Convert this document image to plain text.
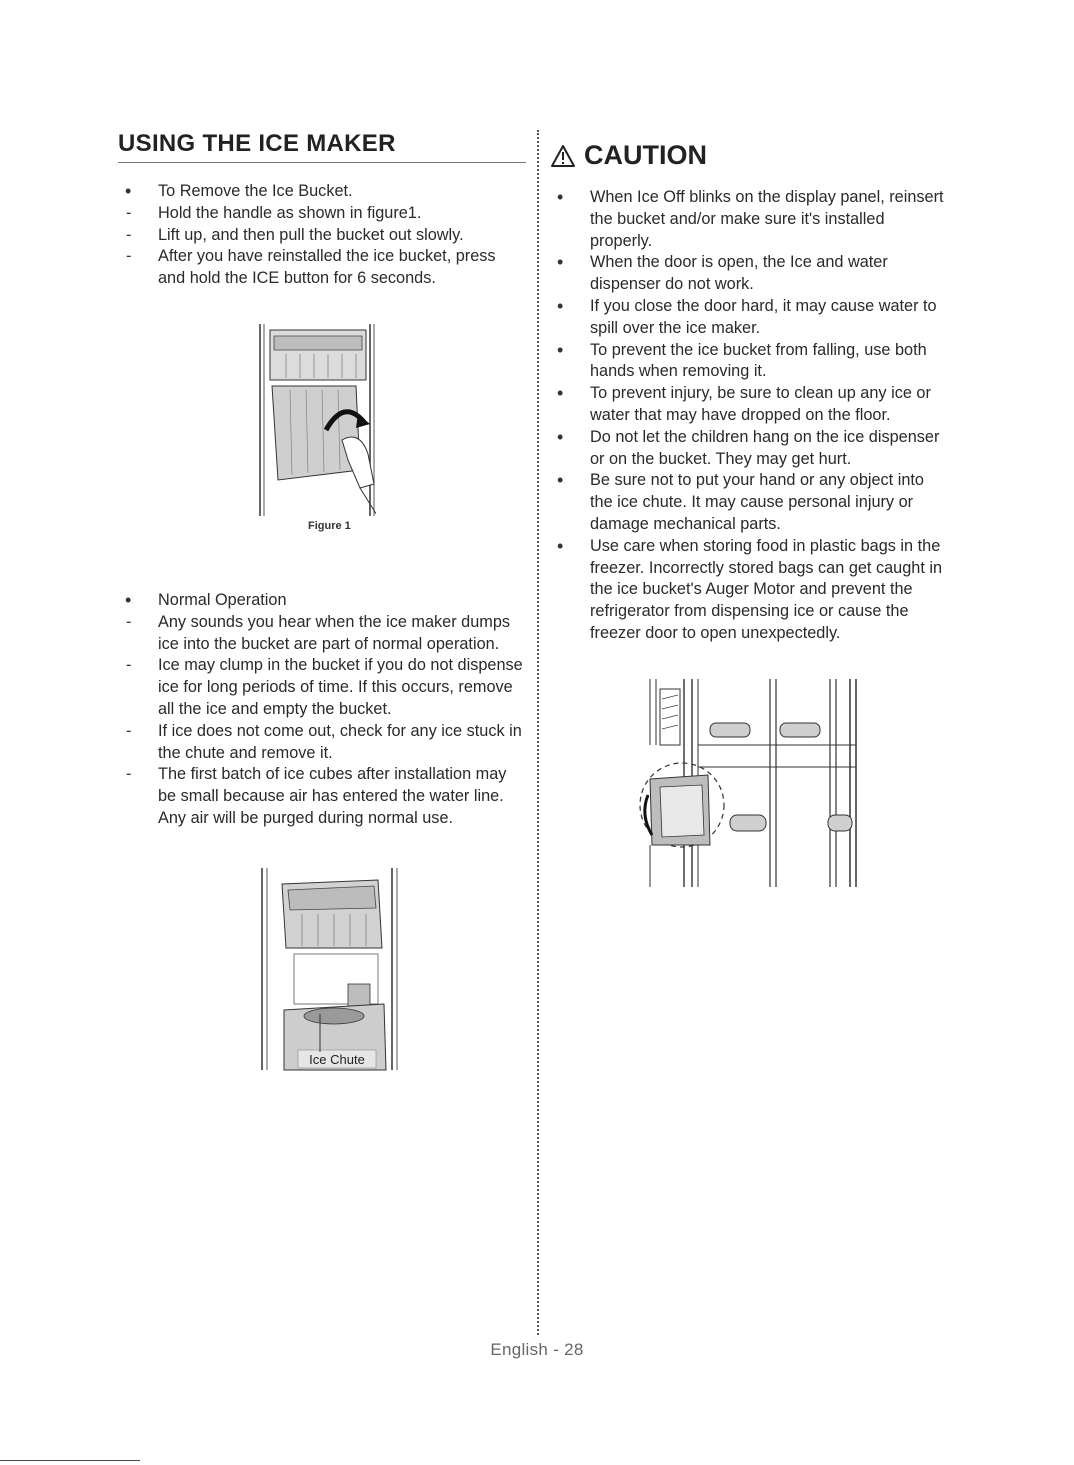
USING THE ICE MAKER
• To Remove the Ice Bucket.
- Hold the handle as shown in figure1.
- Lift up, and then pull the bucket out slowly.
- After you have reinstalled the ice bucket, press and hold the ICE button for 6 seconds.
Figure 1
• Normal Operation
- Any sounds you hear when the ice maker dumps ice into the bucket are part of normal operation.
- Ice may clump in the bucket if you do not dispense ice for long periods of time. If this occurs, remove all the ice and empty the bucket.
- If ice does not come out, check for any ice stuck in the chute and remove it.
- The first batch of ice cubes after installation may be small because air has entered the water line. Any air will be purged during normal use.
Ice Chute
CAUTION
• When Ice Off blinks on the display panel, reinsert the bucket and/or make sure it's installed properly.
• When the door is open, the Ice and water dispenser do not work.
• If you close the door hard, it may cause water to spill over the ice maker.
• To prevent the ice bucket from falling, use both hands when removing it.
• To prevent injury, be sure to clean up any ice or water that may have dropped on the floor.
• Do not let the children hang on the ice dispenser or on the bucket. They may get hurt.
• Be sure not to put your hand or any object into the ice chute. It may cause personal injury or damage mechanical parts.
• Use care when storing food in plastic bags in the freezer. Incorrectly stored bags can get caught in the ice bucket's Auger Motor and prevent the refrigerator from dispensing ice or cause the freezer door to open unexpectedly.
English - 28
